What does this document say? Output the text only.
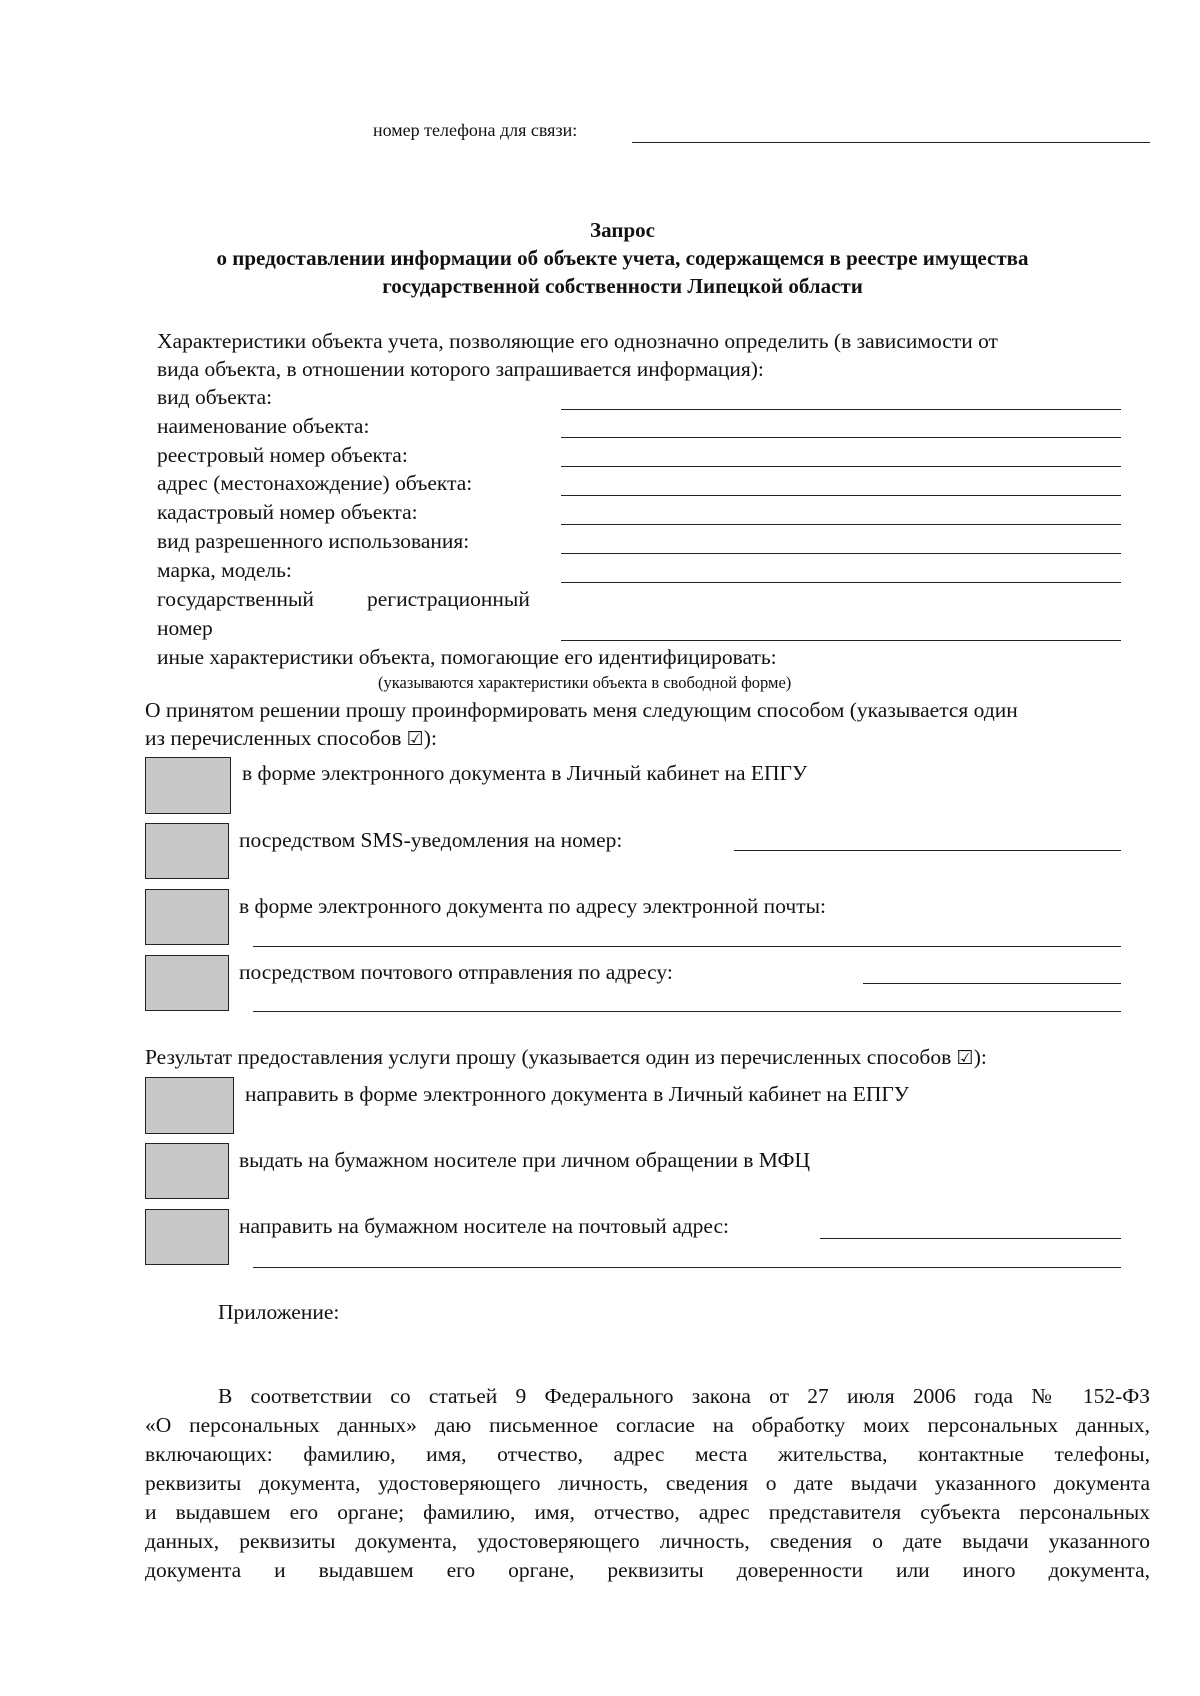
номер телефона для связи:
Запрос
о предоставлении информации об объекте учета, содержащемся в реестре имущества
государственной собственности Липецкой области
Характеристики объекта учета, позволяющие его однозначно определить (в зависимости от
вида объекта, в отношении которого запрашивается информация):
вид объекта:
наименование объекта:
реестровый номер объекта:
адрес (местонахождение) объекта:
кадастровый номер объекта:
вид разрешенного использования:
марка, модель:
государственный регистрационный
номер
иные характеристики объекта, помогающие его идентифицировать:
(указываются характеристики объекта в свободной форме)
О принятом решении прошу проинформировать меня следующим способом (указывается один
из перечисленных способов ☑):
в форме электронного документа в Личный кабинет на ЕПГУ
посредством SMS-уведомления на номер:
в форме электронного документа по адресу электронной почты:
посредством почтового отправления по адресу:
Результат предоставления услуги прошу (указывается один из перечисленных способов ☑):
направить в форме электронного документа в Личный кабинет на ЕПГУ
выдать на бумажном носителе при личном обращении в МФЦ
направить на бумажном носителе на почтовый адрес:
Приложение:
В соответствии со статьей 9 Федерального закона от 27 июля 2006 года № 152-ФЗ
«О персональных данных» даю письменное согласие на обработку моих персональных данных,
включающих: фамилию, имя, отчество, адрес места жительства, контактные телефоны,
реквизиты документа, удостоверяющего личность, сведения о дате выдачи указанного документа
и выдавшем его органе; фамилию, имя, отчество, адрес представителя субъекта персональных
данных, реквизиты документа, удостоверяющего личность, сведения о дате выдачи указанного
документа и выдавшем его органе, реквизиты доверенности или иного документа,
